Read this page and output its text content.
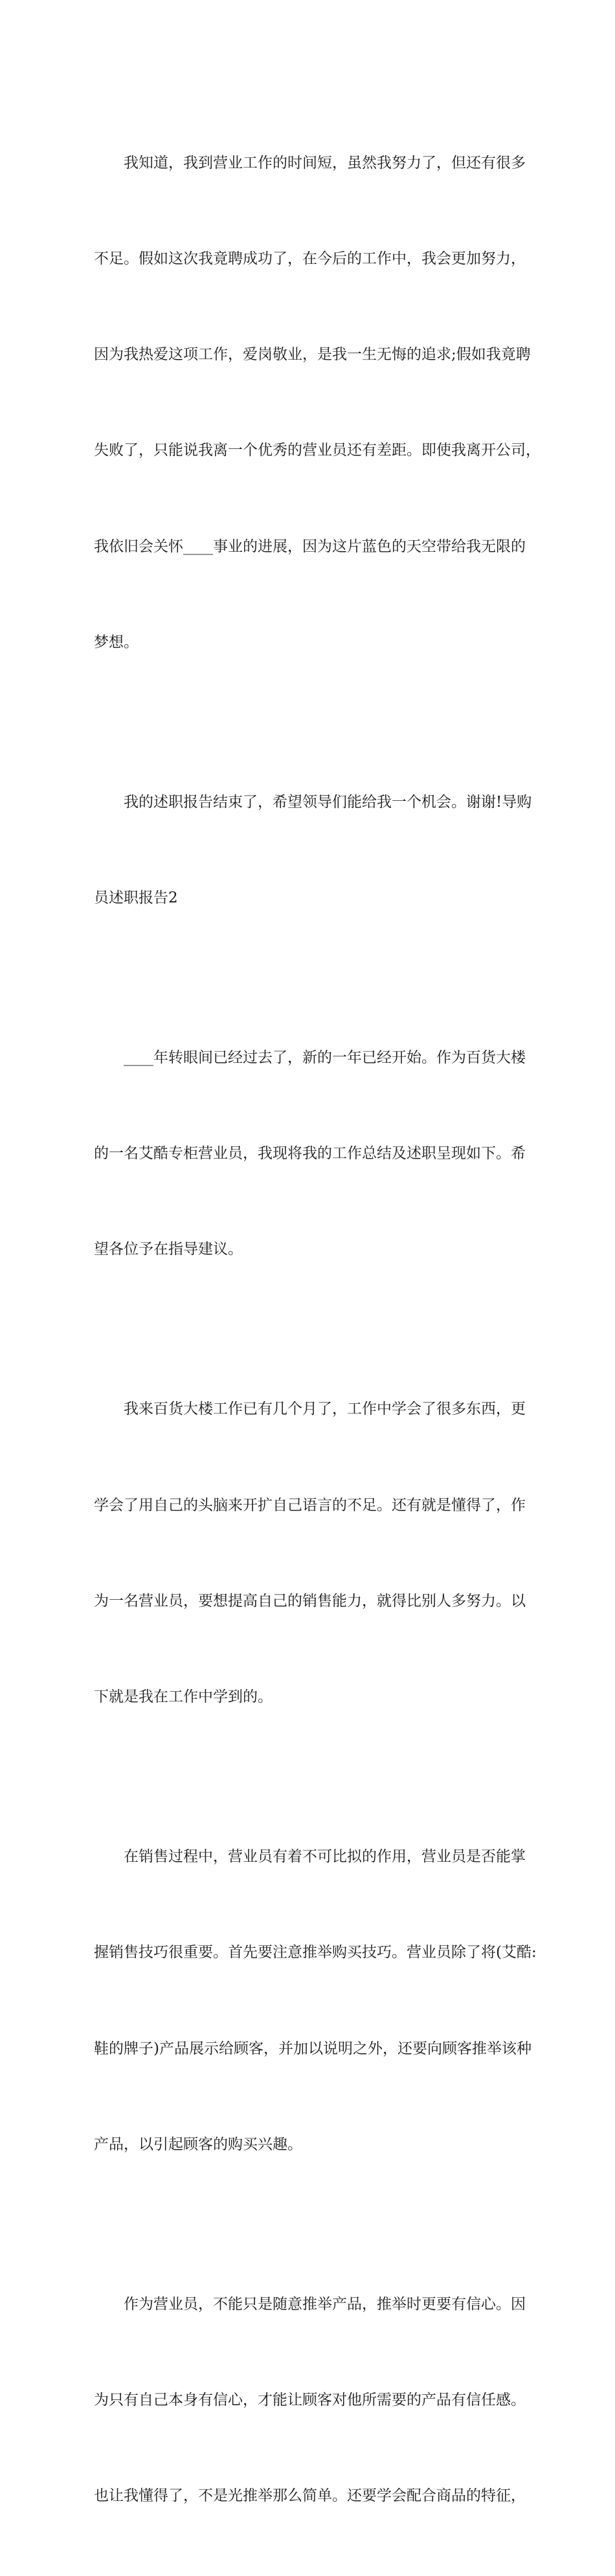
我知道，我到营业工作的时间短，虽然我努力了，但还有很多

不足。假如这次我竟聘成功了，在今后的工作中，我会更加努力，

因为我热爱这项工作，爱岗敬业，是我一生无悔的追求;假如我竟聘

失败了，只能说我离一个优秀的营业员还有差距。即使我离开公司，

我依旧会关怀____事业的进展，因为这片蓝色的天空带给我无限的

梦想。

我的述职报告结束了，希望领导们能给我一个机会。谢谢!导购

员述职报告2

____年转眼间已经过去了，新的一年已经开始。作为百货大楼

的一名艾酷专柜营业员，我现将我的工作总结及述职呈现如下。希

望各位予在指导建议。

我来百货大楼工作已有几个月了，工作中学会了很多东西，更

学会了用自己的头脑来开扩自己语言的不足。还有就是懂得了，作

为一名营业员，要想提高自己的销售能力，就得比别人多努力。以

下就是我在工作中学到的。

在销售过程中，营业员有着不可比拟的作用，营业员是否能掌

握销售技巧很重要。首先要注意推举购买技巧。营业员除了将(艾酷:

鞋的牌子)产品展示给顾客，并加以说明之外，还要向顾客推举该种

产品，以引起顾客的购买兴趣。

作为营业员，不能只是随意推举产品，推举时更要有信心。因

为只有自己本身有信心，才能让顾客对他所需要的产品有信任感。

也让我懂得了，不是光推举那么简单。还要学会配合商品的特征，
